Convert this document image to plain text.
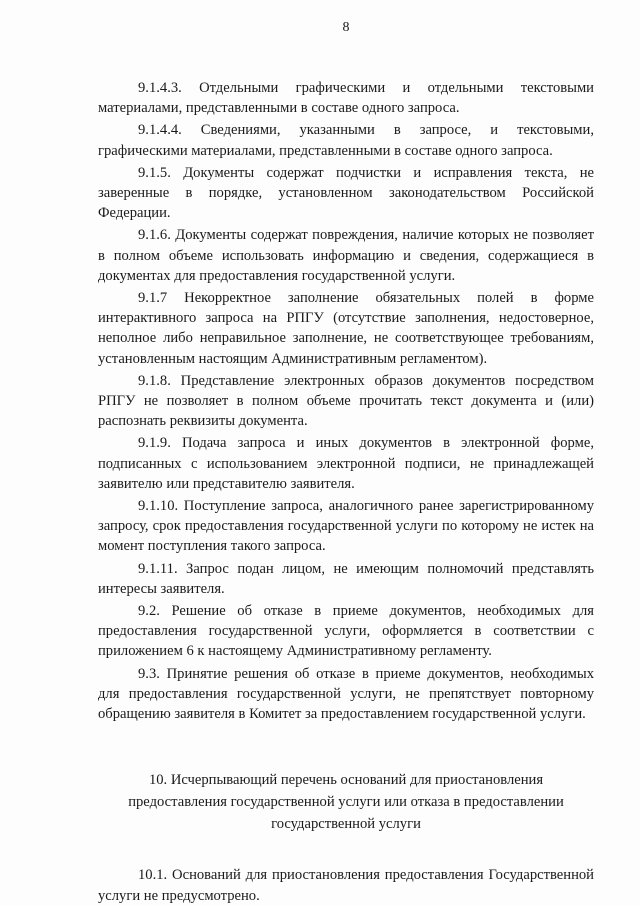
8

9.1.4.3. Отдельными графическими и отдельными текстовыми материалами, представленными в составе одного запроса.

9.1.4.4. Сведениями, указанными в запросе, и текстовыми, графическими материалами, представленными в составе одного запроса.

9.1.5. Документы содержат подчистки и исправления текста, не заверенные в порядке, установленном законодательством Российской Федерации.

9.1.6. Документы содержат повреждения, наличие которых не позволяет в полном объеме использовать информацию и сведения, содержащиеся в документах для предоставления государственной услуги.

9.1.7 Некорректное заполнение обязательных полей в форме интерактивного запроса на РПГУ (отсутствие заполнения, недостоверное, неполное либо неправильное заполнение, не соответствующее требованиям, установленным настоящим Административным регламентом).

9.1.8. Представление электронных образов документов посредством РПГУ не позволяет в полном объеме прочитать текст документа и (или) распознать реквизиты документа.

9.1.9. Подача запроса и иных документов в электронной форме, подписанных с использованием электронной подписи, не принадлежащей заявителю или представителю заявителя.

9.1.10. Поступление запроса, аналогичного ранее зарегистрированному запросу, срок предоставления государственной услуги по которому не истек на момент поступления такого запроса.

9.1.11. Запрос подан лицом, не имеющим полномочий представлять интересы заявителя.

9.2. Решение об отказе в приеме документов, необходимых для предоставления государственной услуги, оформляется в соответствии с приложением 6 к настоящему Административному регламенту.

9.3. Принятие решения об отказе в приеме документов, необходимых для предоставления государственной услуги, не препятствует повторному обращению заявителя в Комитет за предоставлением государственной услуги.

10. Исчерпывающий перечень оснований для приостановления
предоставления государственной услуги или отказа в предоставлении
государственной услуги

10.1. Оснований для приостановления предоставления Государственной услуги не предусмотрено.
